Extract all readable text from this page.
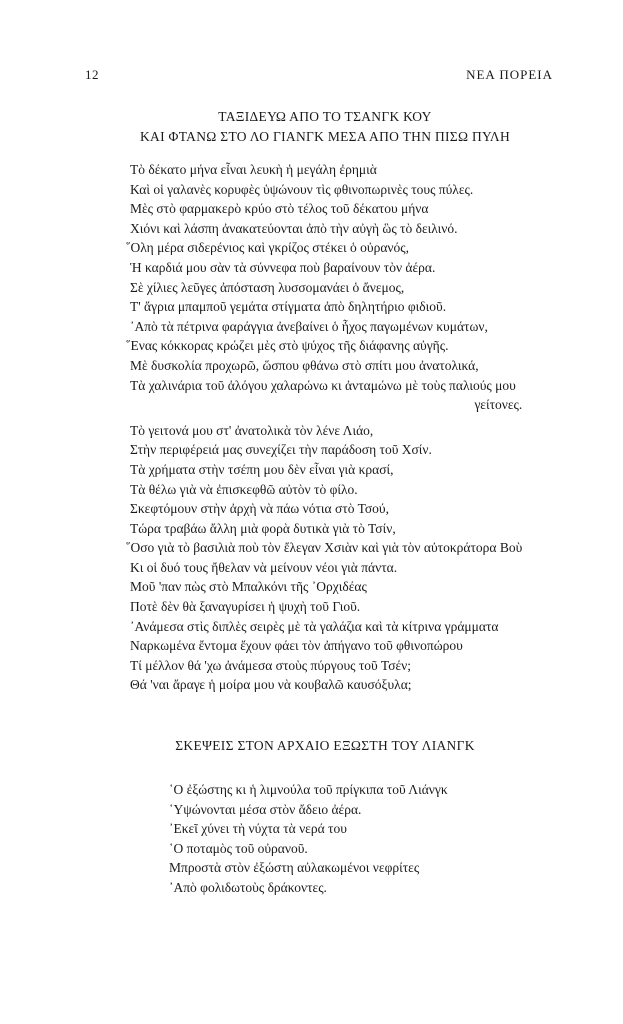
12	ΝΕΑ ΠΟΡΕΙΑ
ΤΑΞΙΔΕΥΩ ΑΠΟ ΤΟ ΤΣΑΝΓΚ ΚΟΥ
ΚΑΙ ΦΤΑΝΩ ΣΤΟ ΛΟ ΓΙΑΝΓΚ ΜΕΣΑ ΑΠΟ ΤΗΝ ΠΙΣΩ ΠΥΛΗ
Τὸ δέκατο μήνα εἶναι λευκὴ ἡ μεγάλη ἐρημιὰ
Καὶ οἱ γαλανὲς κορυφὲς ὑψώνουν τὶς φθινοπωρινὲς τους πύλες.
Μὲς στὸ φαρμακερὸ κρύο στὸ τέλος τοῦ δέκατου μήνα
Χιόνι καὶ λάσπη ἀνακατεύονται ἀπὸ τὴν αὐγὴ ὣς τὸ δειλινό.
῞Ολη μέρα σιδερένιος καὶ γκρίζος στέκει ὁ οὐρανός,
Ἡ καρδιά μου σὰν τὰ σύννεφα ποὺ βαραίνουν τὸν ἀέρα.
Σὲ χίλιες λεῦγες ἀπόσταση λυσσομανάει ὁ ἄνεμος,
Τ' ἄγρια μπαμποῦ γεμάτα στίγματα ἀπὸ δηλητήριο φιδιοῦ.
᾿Απὸ τὰ πέτρινα φαράγγια ἀνεβαίνει ὁ ἦχος παγωμένων κυμάτων,
῞Ενας κόκκορας κρώζει μὲς στὸ ψύχος τῆς διάφανης αὐγῆς.
Μὲ δυσκολία προχωρῶ, ὥσπου φθάνω στὸ σπίτι μου ἀνατολικά,
Τὰ χαλινάρια τοῦ ἀλόγου χαλαρώνω κι ἀνταμώνω μὲ τοὺς παλιούς μου
γείτονες.
Τὸ γειτονά μου στ' ἀνατολικὰ τὸν λένε Λιάο,
Στὴν περιφέρειά μας συνεχίζει τὴν παράδοση τοῦ Χσίν.
Τὰ χρήματα στὴν τσέπη μου δὲν εἶναι γιὰ κρασί,
Τὰ θέλω γιὰ νὰ ἐπισκεφθῶ αὐτὸν τὸ φίλο.
Σκεφτόμουν στὴν ἀρχὴ νὰ πάω νότια στὸ Τσού,
Τώρα τραβάω ἄλλη μιὰ φορὰ δυτικὰ γιὰ τὸ Τσίν,
῞Οσο γιὰ τὸ βασιλιὰ ποὺ τὸν ἔλεγαν Χσιὰν καὶ γιὰ τὸν αὐτοκράτορα Βοὺ
Κι οἱ δυό τους ἤθελαν νὰ μείνουν νέοι γιὰ πάντα.
Μοῦ 'παν πὼς στὸ Μπαλκόνι τῆς ᾿Ορχιδέας
Ποτὲ δὲν θὰ ξαναγυρίσει ἡ ψυχὴ τοῦ Γιοῦ.
᾿Ανάμεσα στὶς διπλὲς σειρὲς μὲ τὰ γαλάζια καὶ τὰ κίτρινα γράμματα
Ναρκωμένα ἔντομα ἔχουν φάει τὸν ἀπήγανο τοῦ φθινοπώρου
Τί μέλλον θά 'χω ἀνάμεσα στοὺς πύργους τοῦ Τσέν;
Θά 'ναι ἄραγε ἡ μοίρα μου νὰ κουβαλῶ καυσόξυλα;
ΣΚΕΨΕΙΣ ΣΤΟΝ ΑΡΧΑΙΟ ΕΞΩΣΤΗ ΤΟΥ ΛΙΑΝΓΚ
῾Ο ἐξώστης κι ἡ λιμνούλα τοῦ πρίγκιπα τοῦ Λιάνγκ
῾Υψώνονται μέσα στὸν ἄδειο ἀέρα.
᾿Εκεῖ χύνει τὴ νύχτα τὰ νερά του
῾Ο ποταμὸς τοῦ οὐρανοῦ.
Μπροστὰ στὸν ἐξώστη αὐλακωμένοι νεφρίτες
᾿Απὸ φολιδωτοὺς δράκοντες.
